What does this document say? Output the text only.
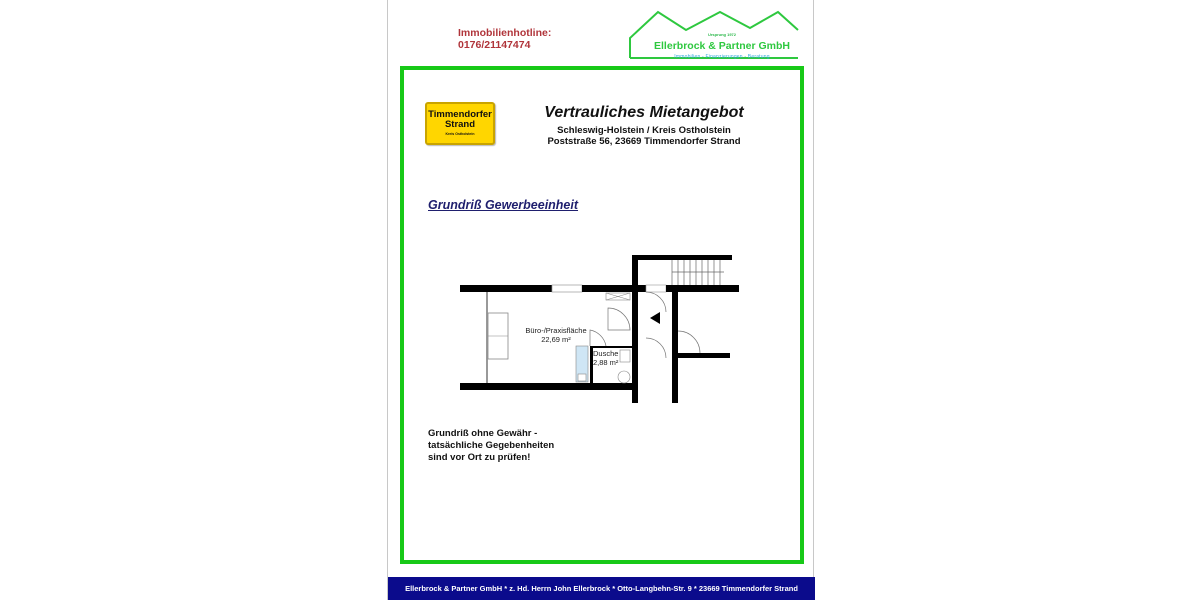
Immobilienhotline:
0176/21147474
Ursprung 1972
Ellerbrock & Partner GmbH
Immobilien - Finanzierungen - Beratung
Timmendorfer
Strand
Kreis Ostholstein
Vertrauliches Mietangebot
Schleswig-Holstein / Kreis Ostholstein
Poststraße 56, 23669 Timmendorfer Strand
Grundriß Gewerbeeinheit
Büro-/Praxisfläche
22,69 m²
Dusche
2,88 m²
Grundriß ohne Gewähr -
tatsächliche Gegebenheiten
sind vor Ort zu prüfen!
Ellerbrock & Partner GmbH * z. Hd. Herrn John Ellerbrock * Otto-Langbehn-Str. 9 * 23669 Timmendorfer Strand
